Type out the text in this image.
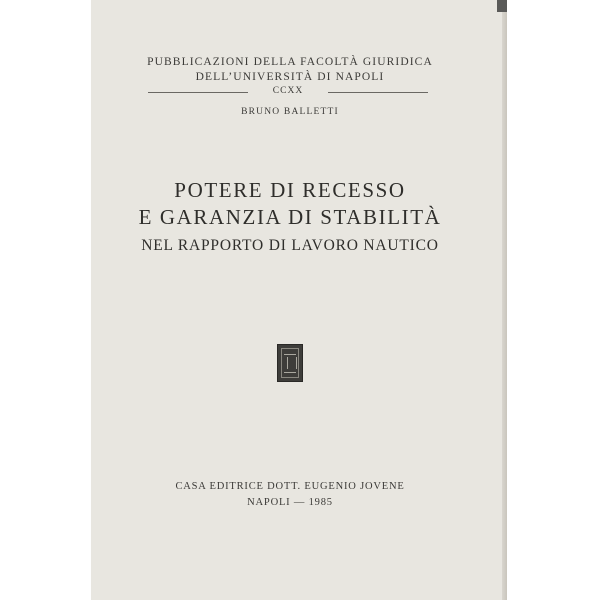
PUBBLICAZIONI DELLA FACOLTÀ GIURIDICA
DELL’UNIVERSITÀ DI NAPOLI
CCXX
BRUNO BALLETTI
POTERE DI RECESSO
E GARANZIA DI STABILITÀ
NEL RAPPORTO DI LAVORO NAUTICO
CASA EDITRICE DOTT. EUGENIO JOVENE
NAPOLI — 1985
